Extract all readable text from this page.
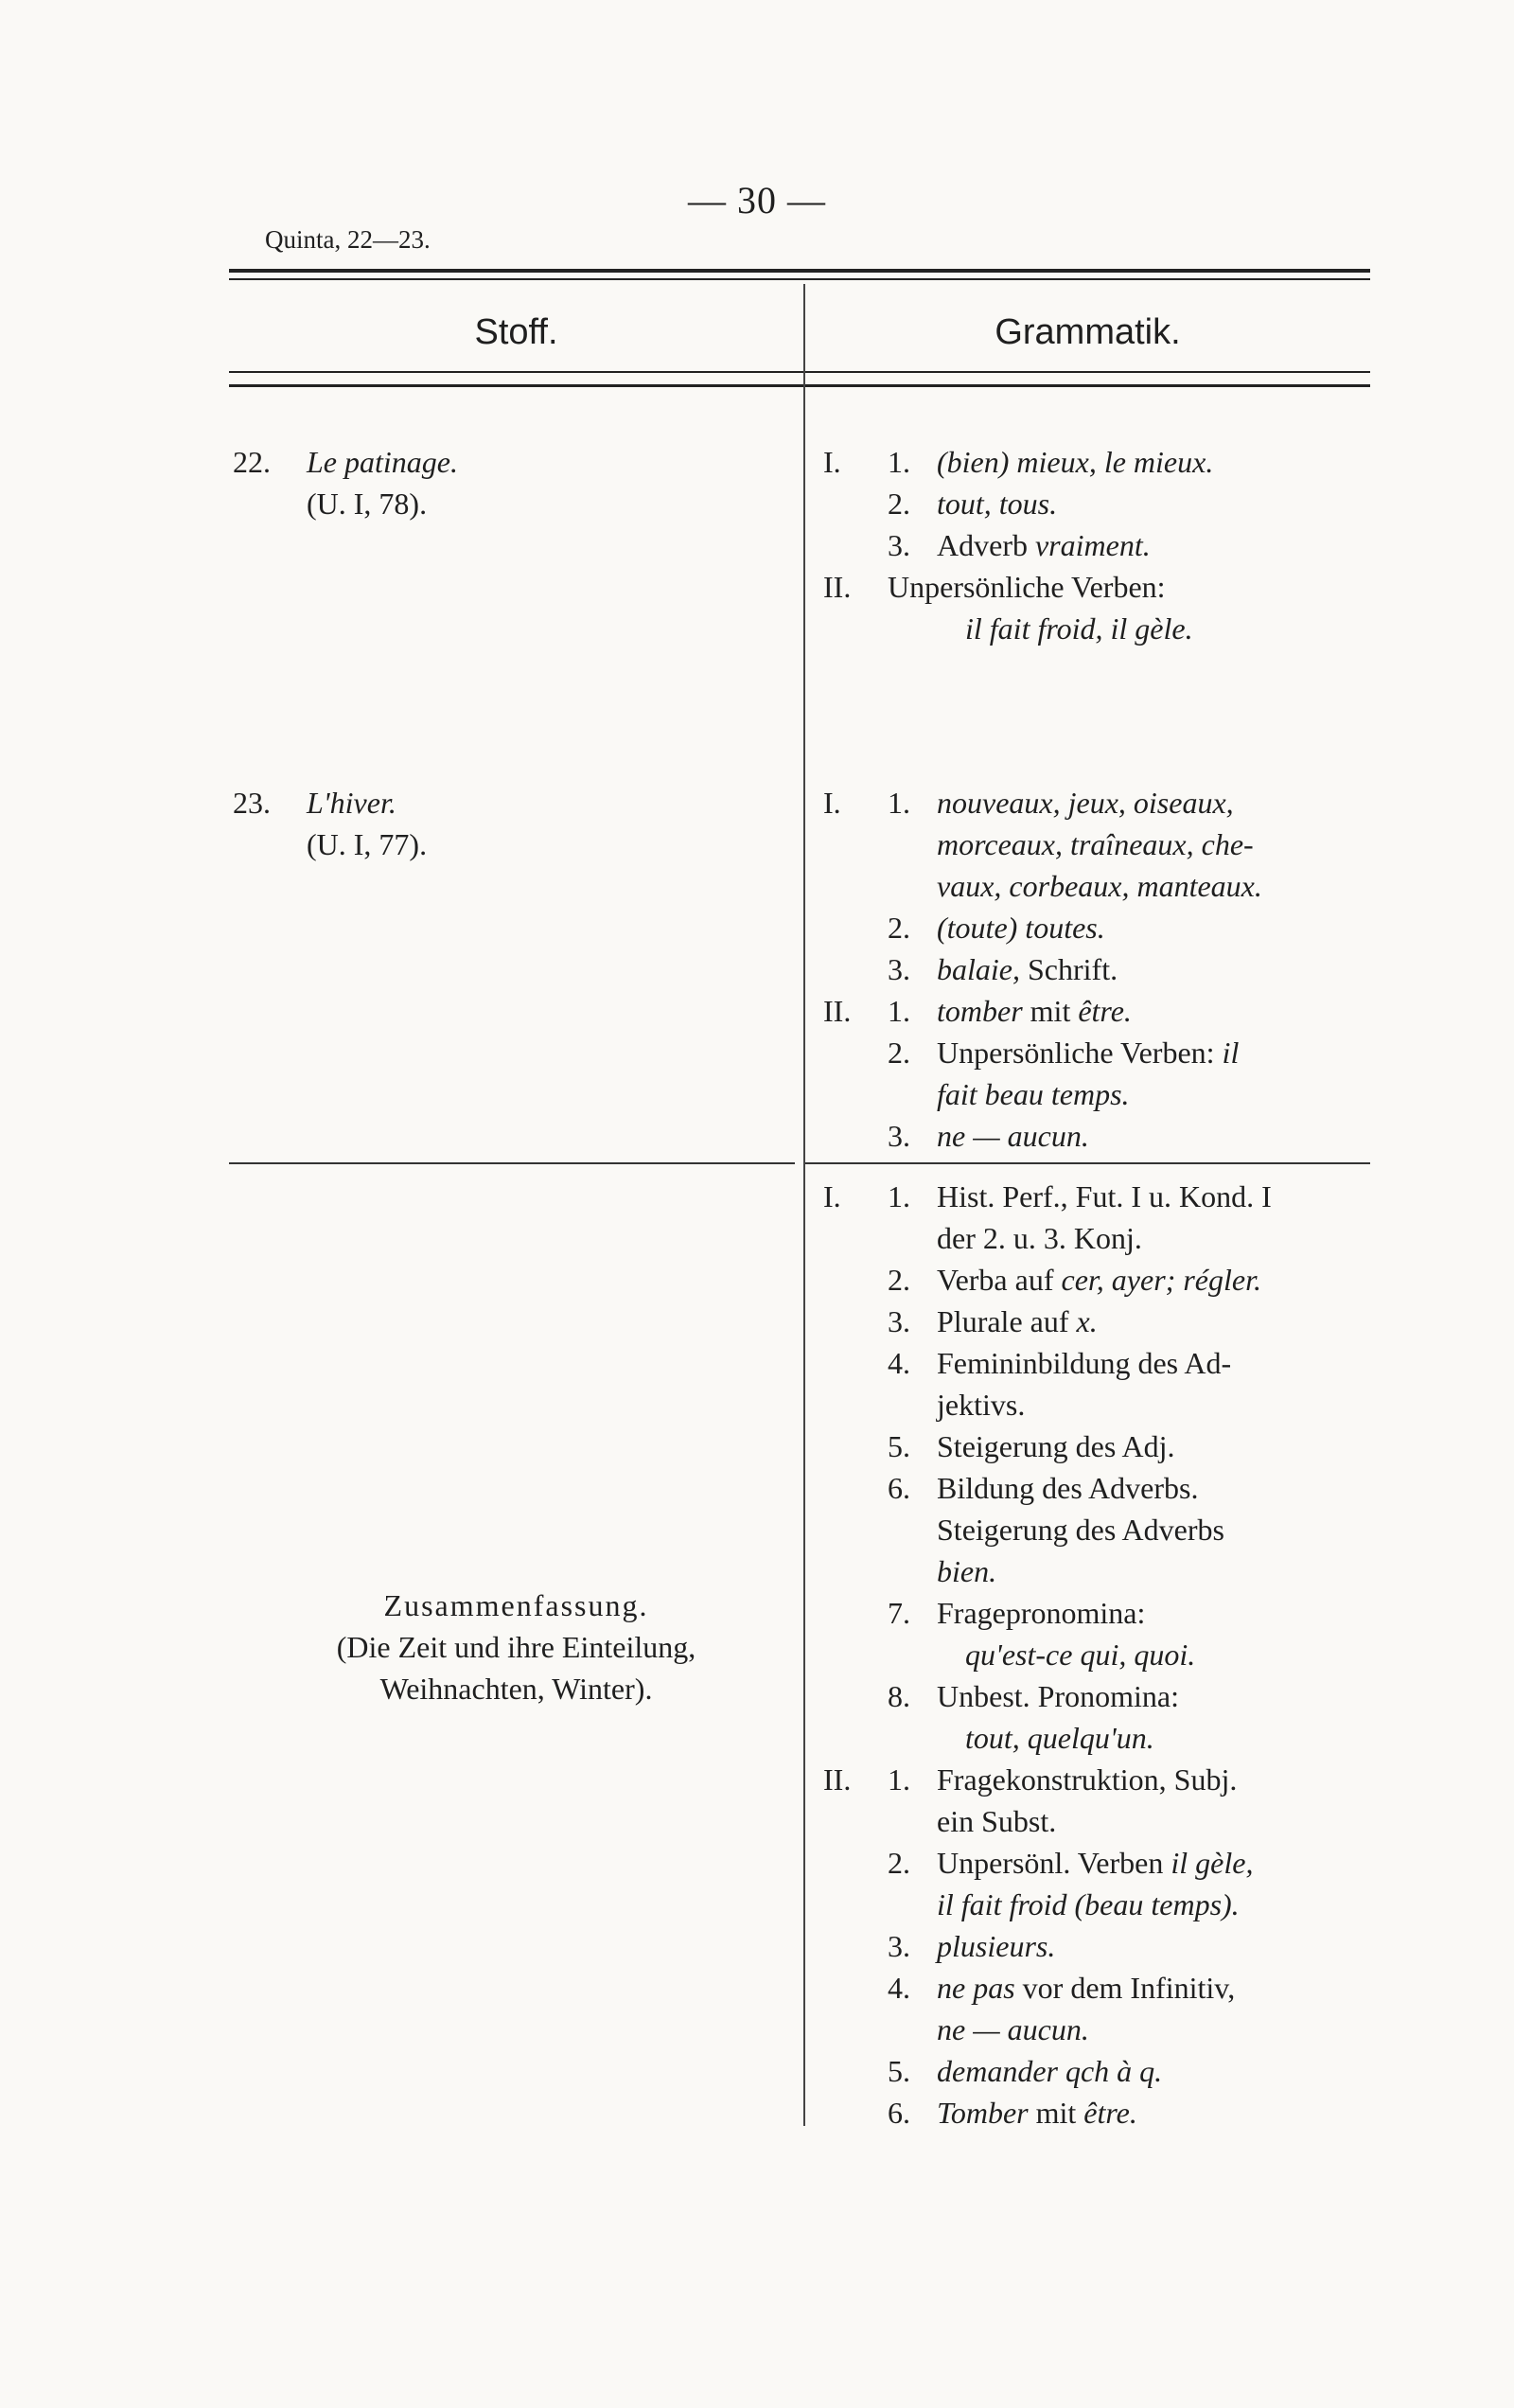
— 30 —
Quinta, 22—23.
Stoff.	Grammatik.
22. Le patinage.
(U. I, 78).
I. 1. (bien) mieux, le mieux.
2. tout, tous.
3. Adverb vraiment.
II. Unpersönliche Verben:
il fait froid, il gèle.
23. L'hiver.
(U. I, 77).
I. 1. nouveaux, jeux, oiseaux,
morceaux, traîneaux, che-
vaux, corbeaux, manteaux.
2. (toute) toutes.
3. balaie, Schrift.
II. 1. tomber mit être.
2. Unpersönliche Verben: il
fait beau temps.
3. ne — aucun.
Zusammenfassung.
(Die Zeit und ihre Einteilung,
Weihnachten, Winter).
I. 1. Hist. Perf., Fut. I u. Kond. I
der 2. u. 3. Konj.
2. Verba auf cer, ayer; régler.
3. Plurale auf x.
4. Femininbildung des Ad-
jektivs.
5. Steigerung des Adj.
6. Bildung des Adverbs.
Steigerung des Adverbs
bien.
7. Fragepronomina:
qu'est-ce qui, quoi.
8. Unbest. Pronomina:
tout, quelqu'un.
II. 1. Fragekonstruktion, Subj.
ein Subst.
2. Unpersönl. Verben il gèle,
il fait froid (beau temps).
3. plusieurs.
4. ne pas vor dem Infinitiv,
ne — aucun.
5. demander qch à q.
6. Tomber mit être.
